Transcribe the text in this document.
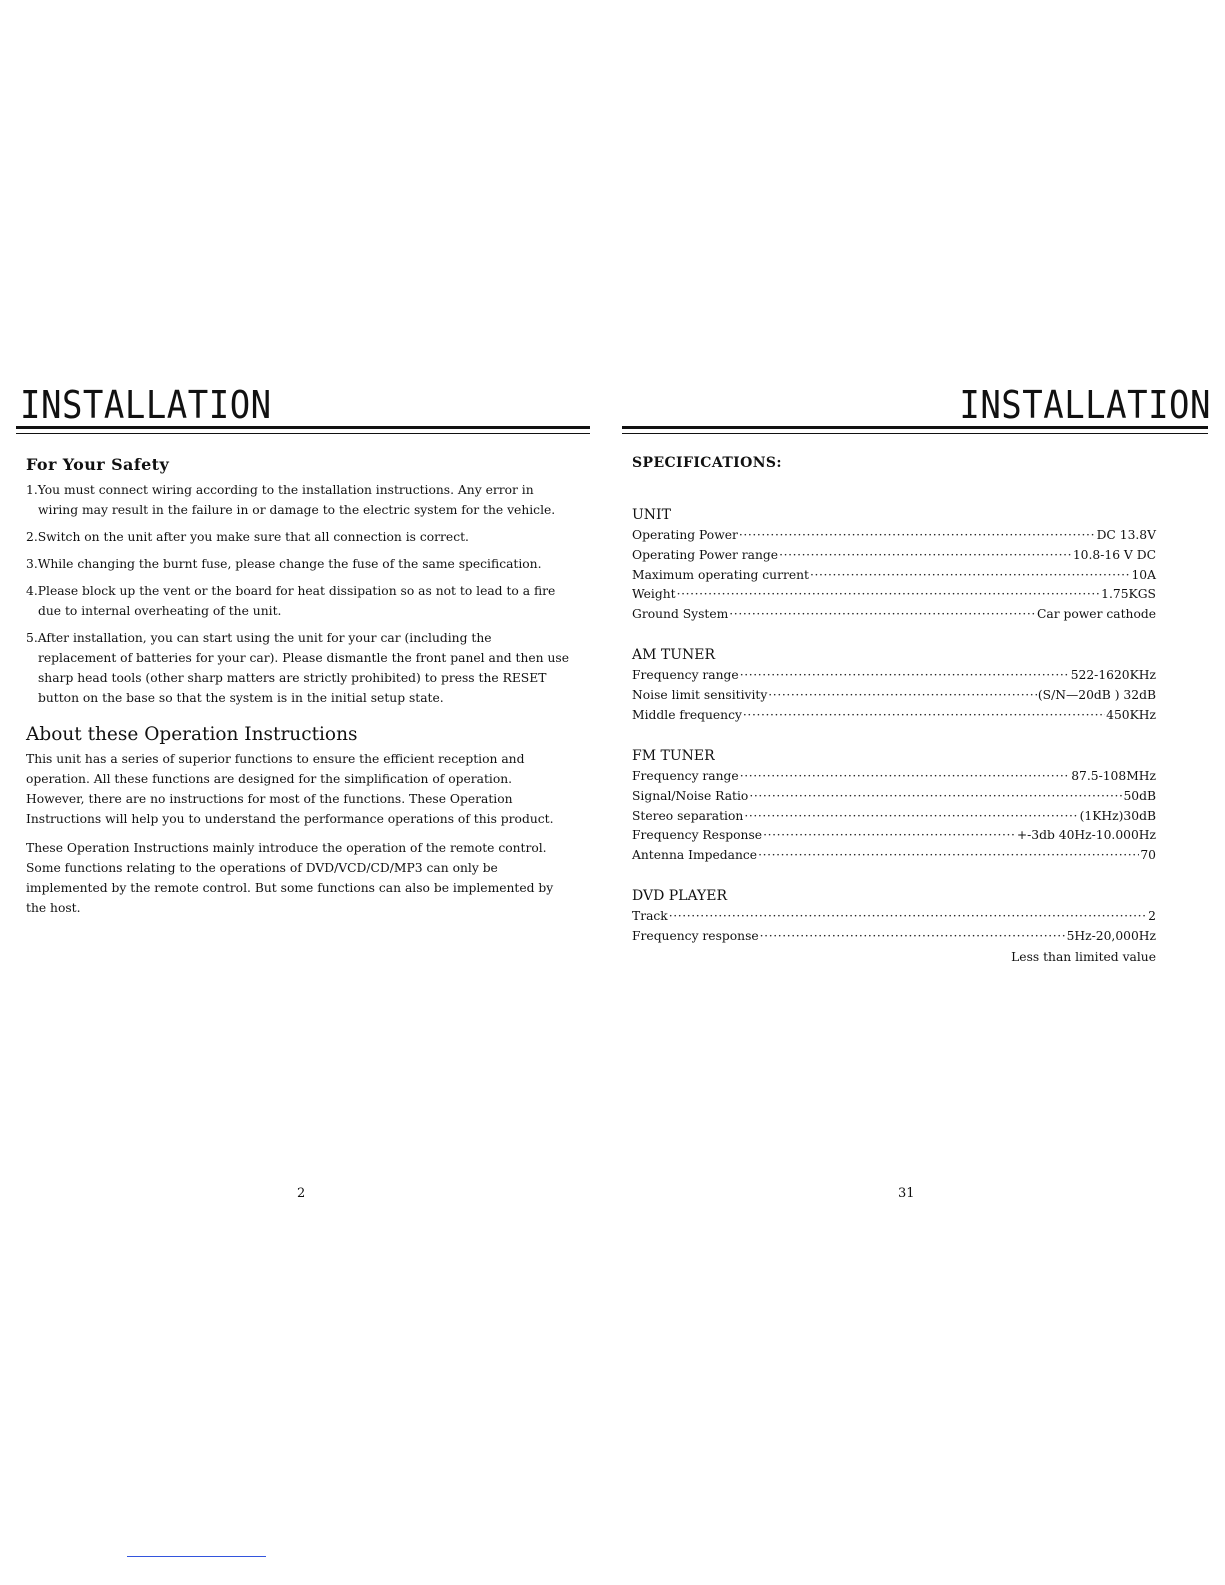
INSTALLATION
For Your Safety
1.You must connect wiring according to the installation instructions. Any error in wiring may result in the failure in or damage to the electric system for the vehicle.
2.Switch on the unit after you make sure that all connection is correct.
3.While changing the burnt fuse, please change the fuse of the same specification.
4.Please block up the vent or the board for heat dissipation so as not to lead to a fire due to internal overheating of the unit.
5.After installation, you can start using the unit for your car (including the replacement of batteries for your car). Please dismantle the front panel and then use sharp head tools (other sharp matters are strictly prohibited) to press the RESET button on the base so that the system is in the initial setup state.
About these Operation Instructions

This unit has a series of superior functions to ensure the efficient reception and operation. All these functions are designed for the simplification of operation. However, there are no instructions for most of the functions. These Operation Instructions will help you to understand the performance operations of this product.

These Operation Instructions mainly introduce the operation of the remote control. Some functions relating to the operations of DVD/VCD/CD/MP3 can only be implemented by the remote control. But some functions can also be implemented by the host.

2
INSTALLATION
SPECIFICATIONS:
UNIT
Operating Power ·····	DC 13.8V
Operating Power range ·····	10.8-16 V DC
Maximum operating current ·····	10A
Weight ·····	1.75KGS
Ground System ·····	Car power cathode
AM TUNER
Frequency range ·····	522-1620KHz
Noise limit sensitivity ·····	(S/N—20dB ) 32dB
Middle frequency ·····	450KHz
FM TUNER
Frequency range ·····	87.5-108MHz
Signal/Noise Ratio ·····	50dB
Stereo separation ·····	(1KHz)30dB
Frequency Response ·····	+-3db 40Hz-10.000Hz
Antenna Impedance ·····	70
DVD PLAYER
Track ·····	2
Frequency response ·····	5Hz-20,000Hz
Less than limited value
31
